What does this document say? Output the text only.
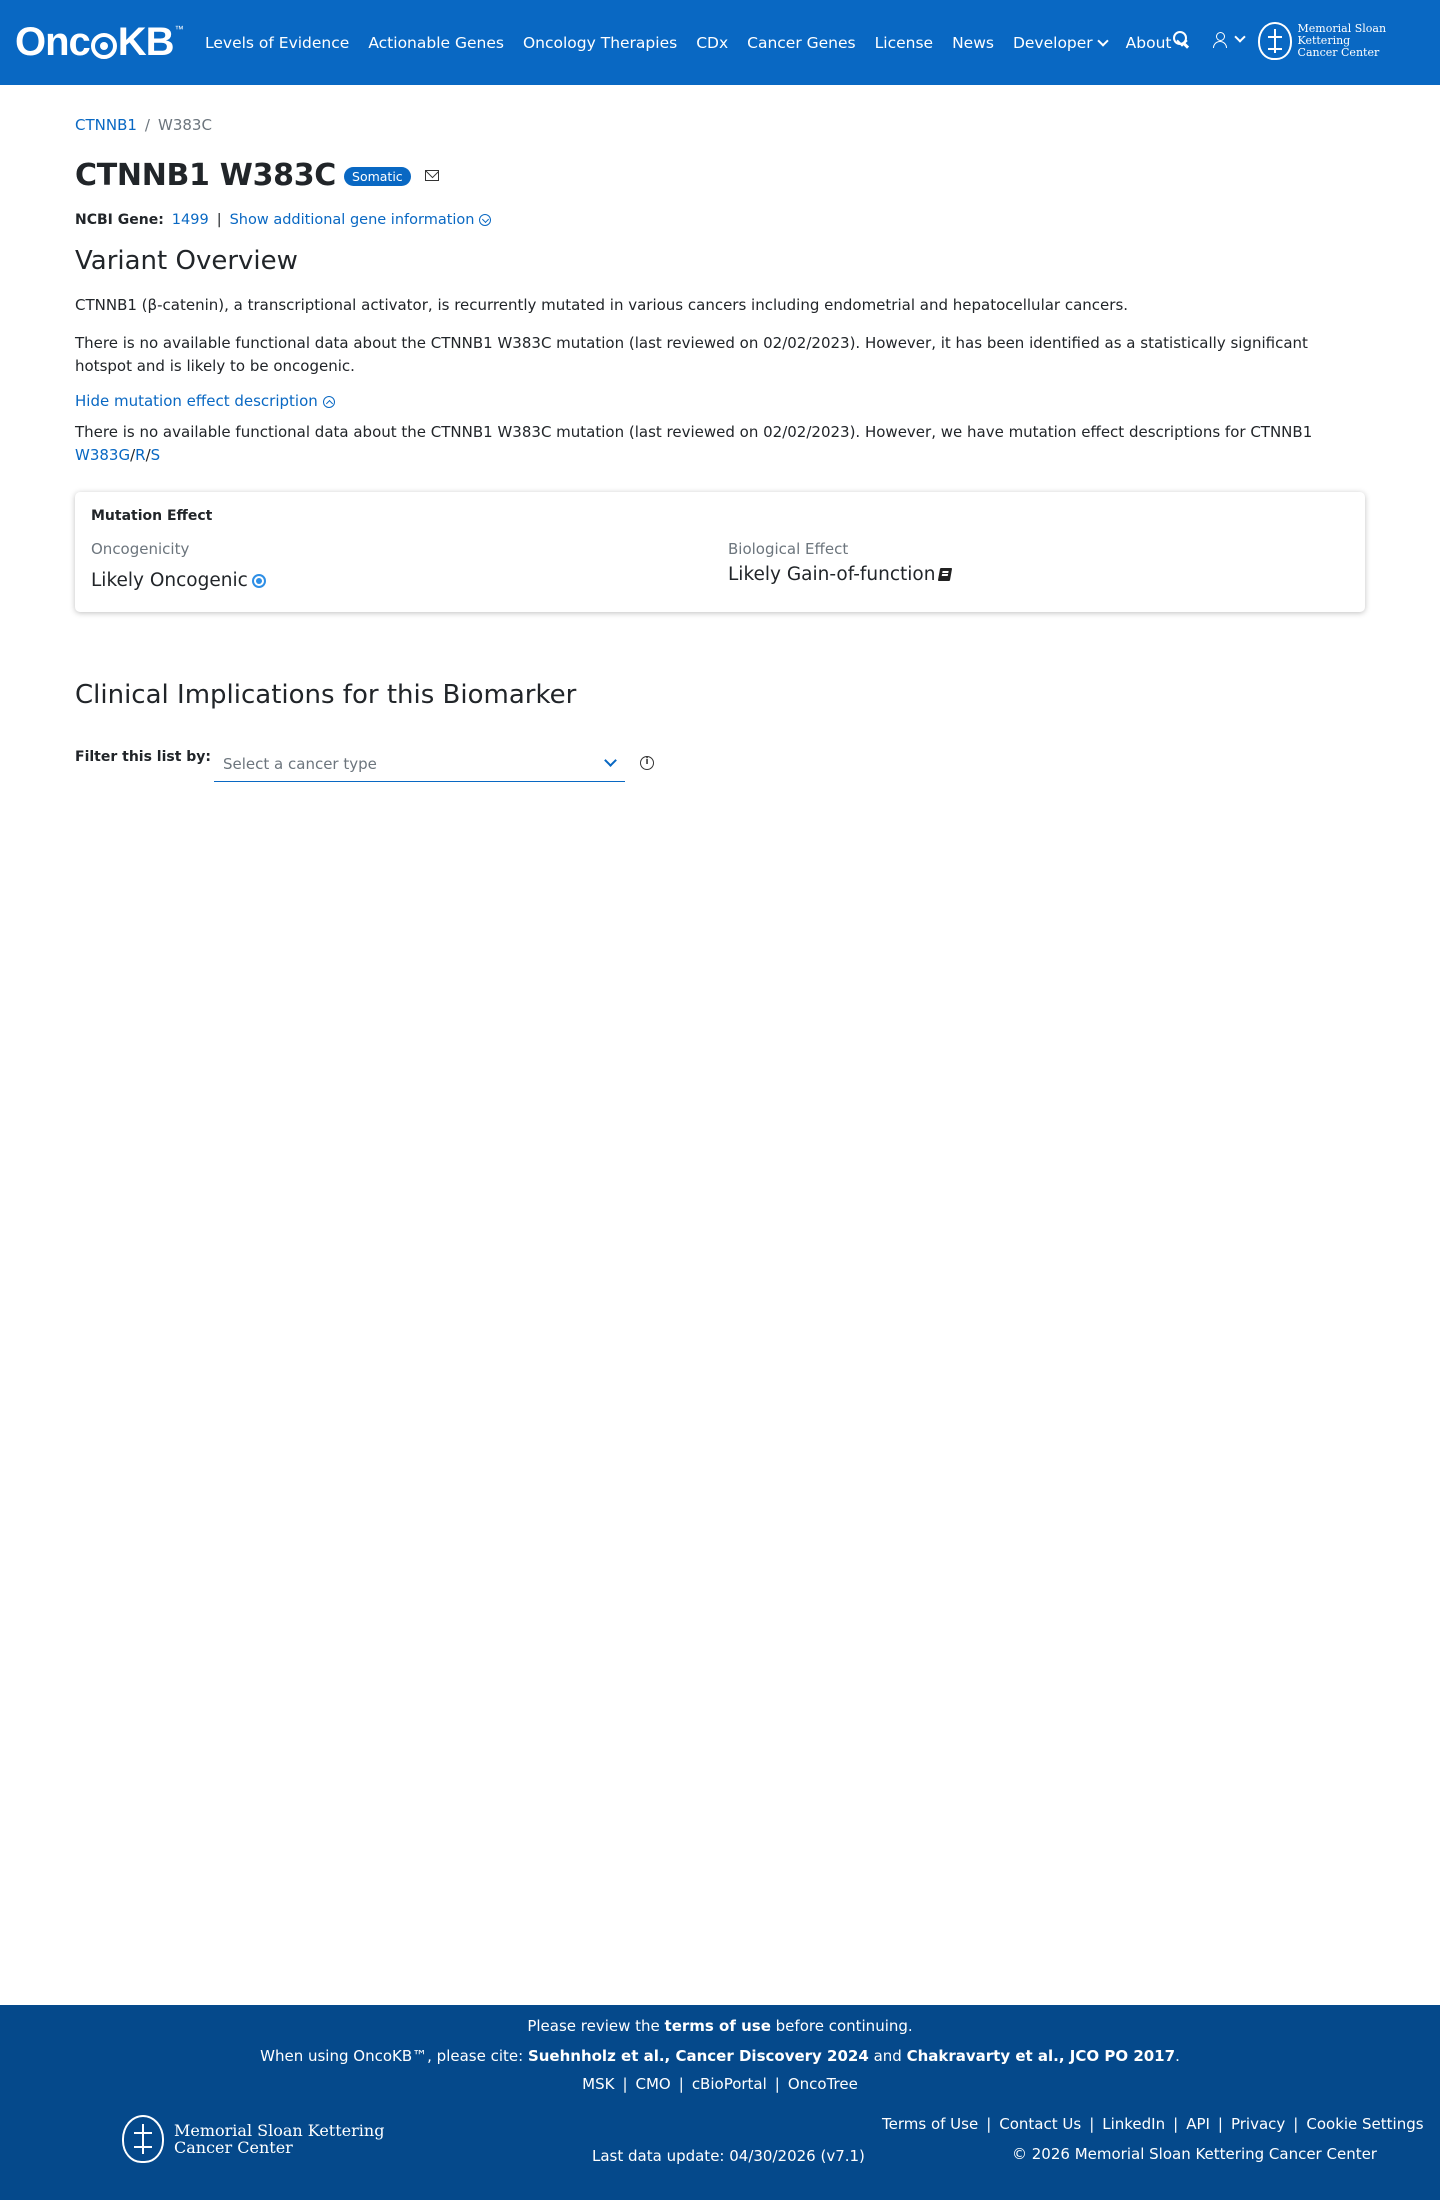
Onc KB ™
Levels of Evidence Actionable Genes Oncology Therapies CDx Cancer Genes License News Developer About
Memorial Sloan Kettering
Cancer Center
CTNNB1 / W383C
CTNNB1 W383C	Somatic
NCBI Gene: 1499 | Show additional gene information
Variant Overview

CTNNB1 (β-catenin), a transcriptional activator, is recurrently mutated in various cancers including endometrial and hepatocellular cancers.

There is no available functional data about the CTNNB1 W383C mutation (last reviewed on 02/02/2023). However, it has been identified as a statistically significant hotspot and is likely to be oncogenic.

Hide mutation effect description

There is no available functional data about the CTNNB1 W383C mutation (last reviewed on 02/02/2023). However, we have mutation effect descriptions for CTNNB1
W383G/R/S

Mutation Effect
Oncogenicity
Likely Oncogenic
Biological Effect
Likely Gain-of-function
Clinical Implications for this Biomarker
Filter this list by: Select a cancer type	i
Please review the terms of use before continuing.
When using OncoKB™, please cite: Suehnholz et al., Cancer Discovery 2024 and Chakravarty et al., JCO PO 2017.
MSK | CMO | cBioPortal | OncoTree
Memorial Sloan Kettering
Cancer Center	Last data update: 04/30/2026 (v7.1)
Terms of Use | Contact Us | LinkedIn | API | Privacy | Cookie Settings
© 2026 Memorial Sloan Kettering Cancer Center
